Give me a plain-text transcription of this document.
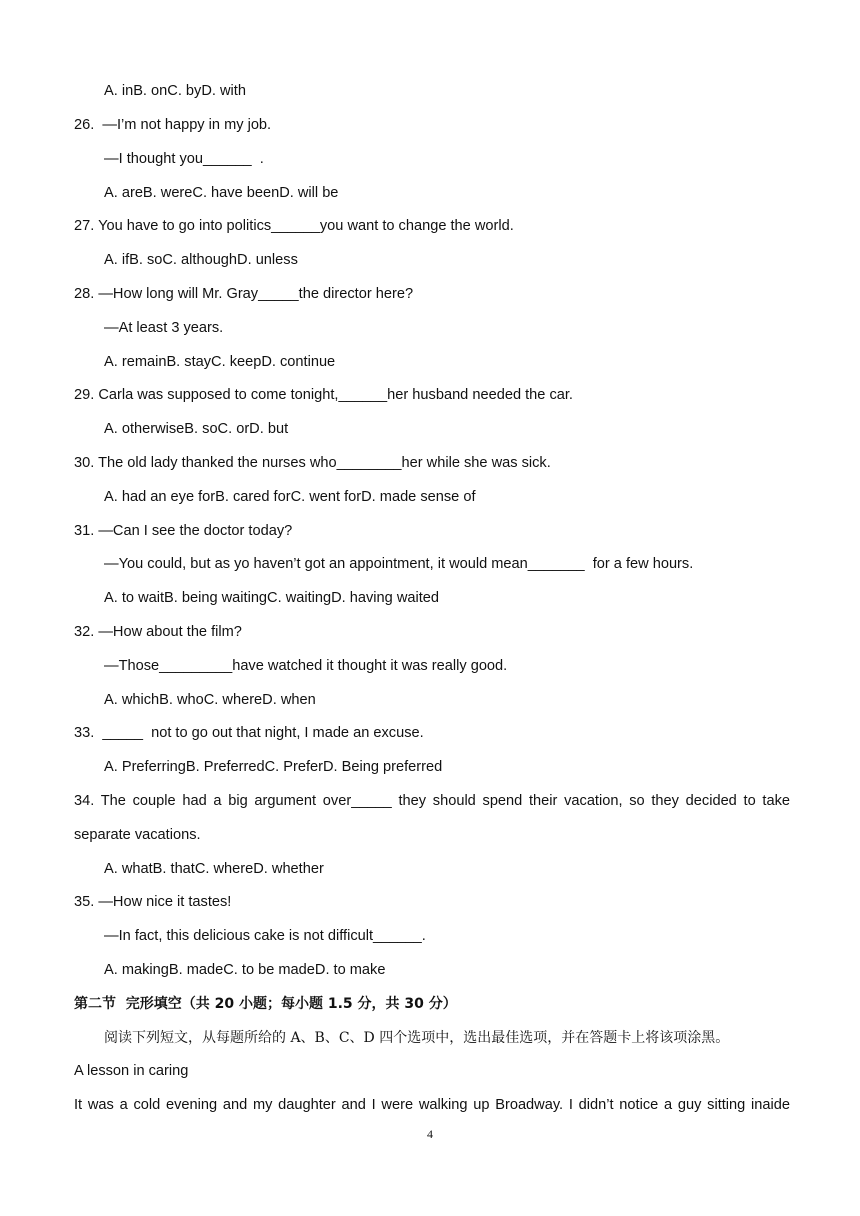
A. inB. onC. byD. with
26.  —I’m not happy in my job.
—I thought you______  .
A. areB. wereC. have beenD. will be
27. You have to go into politics______you want to change the world.
A. ifB. soC. althoughD. unless
28. —How long will Mr. Gray_____the director here?
—At least 3 years.
A. remainB. stayC. keepD. continue
29. Carla was supposed to come tonight,______her husband needed the car.
A. otherwiseB. soC. orD. but
30. The old lady thanked the nurses who________her while she was sick.
A. had an eye forB. cared forC. went forD. made sense of
31. —Can I see the doctor today?
—You could, but as yo haven’t got an appointment, it would mean_______  for a few hours.
A. to waitB. being waitingC. waitingD. having waited
32. —How about the film?
—Those_________have watched it thought it was really good.
A. whichB. whoC. whereD. when
33.  _____  not to go out that night, I made an excuse.
A. PreferringB. PreferredC. PreferD. Being preferred
34. The couple had a big argument over_____ they should spend their vacation, so they decided to take
separate vacations.
A. whatB. thatC. whereD. whether
35. —How nice it tastes!
—In fact, this delicious cake is not difficult______.
A. makingB. madeC. to be madeD. to make
第二节  完形填空（共 20 小题；每小题 1.5 分，共 30 分）
阅读下列短文，从每题所给的 A、B、C、D 四个选项中，选出最佳选项，并在答题卡上将该项涂黑。
A lesson in caring
It was a cold evening and my daughter and I were walking up Broadway. I didn’t notice a guy sitting inaide
4
